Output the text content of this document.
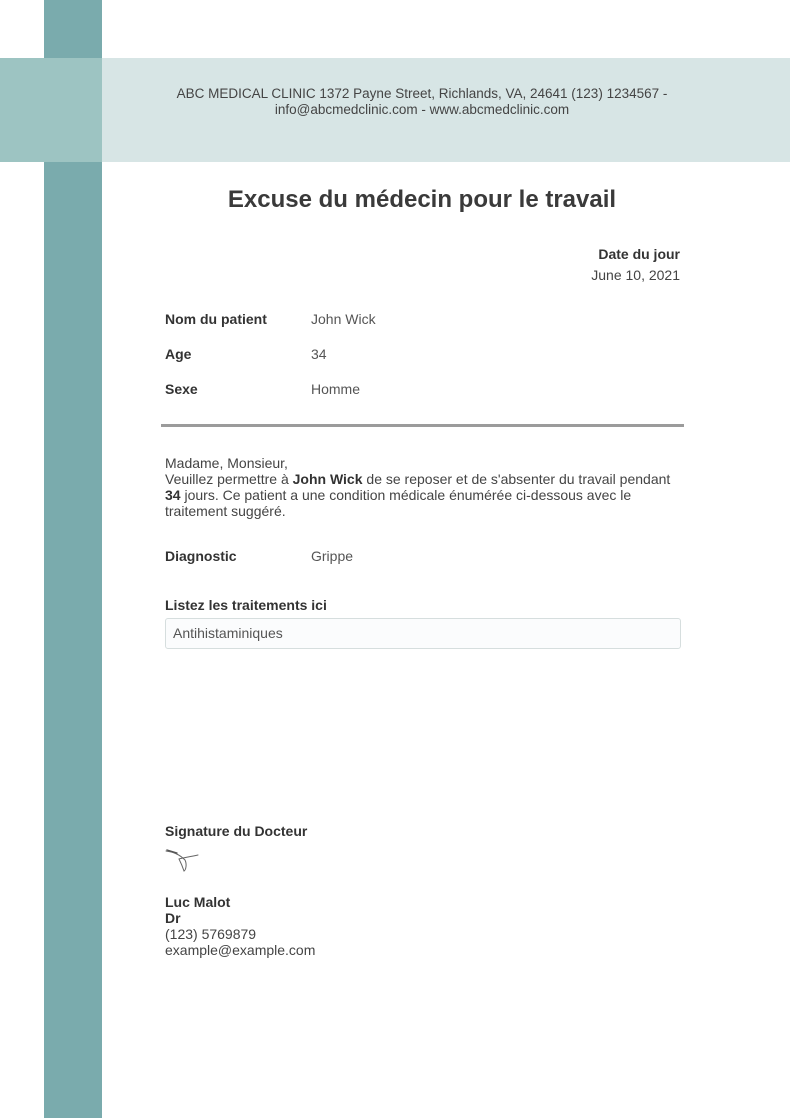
ABC MEDICAL CLINIC 1372 Payne Street, Richlands, VA, 24641 (123) 1234567 -
info@abcmedclinic.com - www.abcmedclinic.com
Excuse du médecin pour le travail
Date du jour
June 10, 2021
Nom du patient	John Wick
Age	34
Sexe	Homme
Madame, Monsieur,
Veuillez permettre à John Wick de se reposer et de s'absenter du travail pendant 34 jours. Ce patient a une condition médicale énumérée ci-dessous avec le traitement suggéré.
Diagnostic	Grippe
Listez les traitements ici
Antihistaminiques
Signature du Docteur
Luc Malot
Dr
(123) 5769879
example@example.com
